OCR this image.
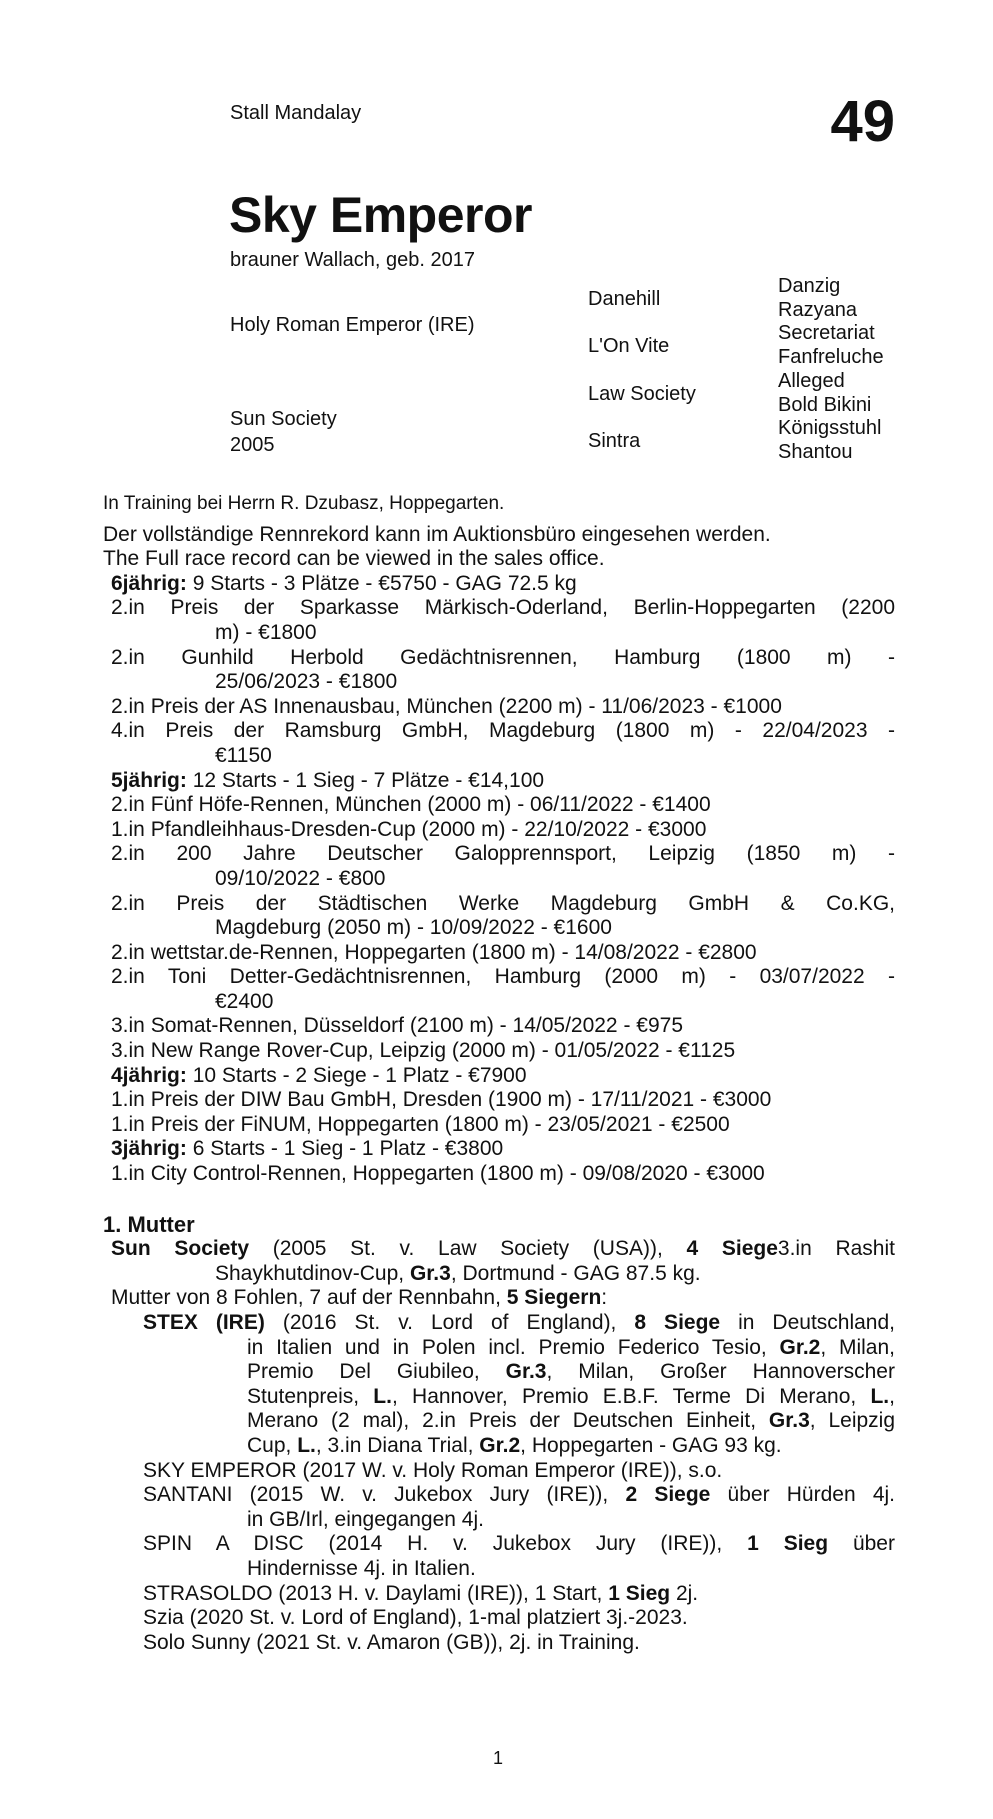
Stall Mandalay	49
Sky Emperor
brauner Wallach, geb. 2017
Holy Roman Emperor (IRE)
Sun Society
2005
Danehill
L'On Vite
Law Society
Sintra
Danzig
Razyana
Secretariat
Fanfreluche
Alleged
Bold Bikini
Königsstuhl
Shantou
In Training bei Herrn R. Dzubasz, Hoppegarten.
Der vollständige Rennrekord kann im Auktionsbüro eingesehen werden.
The Full race record can be viewed in the sales office.
6jährig: 9 Starts - 3 Plätze - €5750 - GAG 72.5 kg
2.in Preis der Sparkasse Märkisch-Oderland, Berlin-Hoppegarten (2200
m) - €1800
2.in Gunhild Herbold Gedächtnisrennen, Hamburg (1800 m) -
25/06/2023 - €1800
2.in Preis der AS Innenausbau, München (2200 m) - 11/06/2023 - €1000
4.in Preis der Ramsburg GmbH, Magdeburg (1800 m) - 22/04/2023 -
€1150
5jährig: 12 Starts - 1 Sieg - 7 Plätze - €14,100
2.in Fünf Höfe-Rennen, München (2000 m) - 06/11/2022 - €1400
1.in Pfandleihhaus-Dresden-Cup (2000 m) - 22/10/2022 - €3000
2.in 200 Jahre Deutscher Galopprennsport, Leipzig (1850 m) -
09/10/2022 - €800
2.in Preis der Städtischen Werke Magdeburg GmbH & Co.KG,
Magdeburg (2050 m) - 10/09/2022 - €1600
2.in wettstar.de-Rennen, Hoppegarten (1800 m) - 14/08/2022 - €2800
2.in Toni Detter-Gedächtnisrennen, Hamburg (2000 m) - 03/07/2022 -
€2400
3.in Somat-Rennen, Düsseldorf (2100 m) - 14/05/2022 - €975
3.in New Range Rover-Cup, Leipzig (2000 m) - 01/05/2022 - €1125
4jährig: 10 Starts - 2 Siege - 1 Platz - €7900
1.in Preis der DIW Bau GmbH, Dresden (1900 m) - 17/11/2021 - €3000
1.in Preis der FiNUM, Hoppegarten (1800 m) - 23/05/2021 - €2500
3jährig: 6 Starts - 1 Sieg - 1 Platz - €3800
1.in City Control-Rennen, Hoppegarten (1800 m) - 09/08/2020 - €3000
1. Mutter
Sun Society (2005 St. v. Law Society (USA)), 4 Siege3.in Rashit
Shaykhutdinov-Cup, Gr.3, Dortmund - GAG 87.5 kg.
Mutter von 8 Fohlen, 7 auf der Rennbahn, 5 Siegern:
STEX (IRE) (2016 St. v. Lord of England), 8 Siege in Deutschland,
in Italien und in Polen incl. Premio Federico Tesio, Gr.2, Milan,
Premio Del Giubileo, Gr.3, Milan, Großer Hannoverscher
Stutenpreis, L., Hannover, Premio E.B.F. Terme Di Merano, L.,
Merano (2 mal), 2.in Preis der Deutschen Einheit, Gr.3, Leipzig
Cup, L., 3.in Diana Trial, Gr.2, Hoppegarten - GAG 93 kg.
SKY EMPEROR (2017 W. v. Holy Roman Emperor (IRE)), s.o.
SANTANI (2015 W. v. Jukebox Jury (IRE)), 2 Siege über Hürden 4j.
in GB/Irl, eingegangen 4j.
SPIN A DISC (2014 H. v. Jukebox Jury (IRE)), 1 Sieg über
Hindernisse 4j. in Italien.
STRASOLDO (2013 H. v. Daylami (IRE)), 1 Start, 1 Sieg 2j.
Szia (2020 St. v. Lord of England), 1-mal platziert 3j.-2023.
Solo Sunny (2021 St. v. Amaron (GB)), 2j. in Training.
1
